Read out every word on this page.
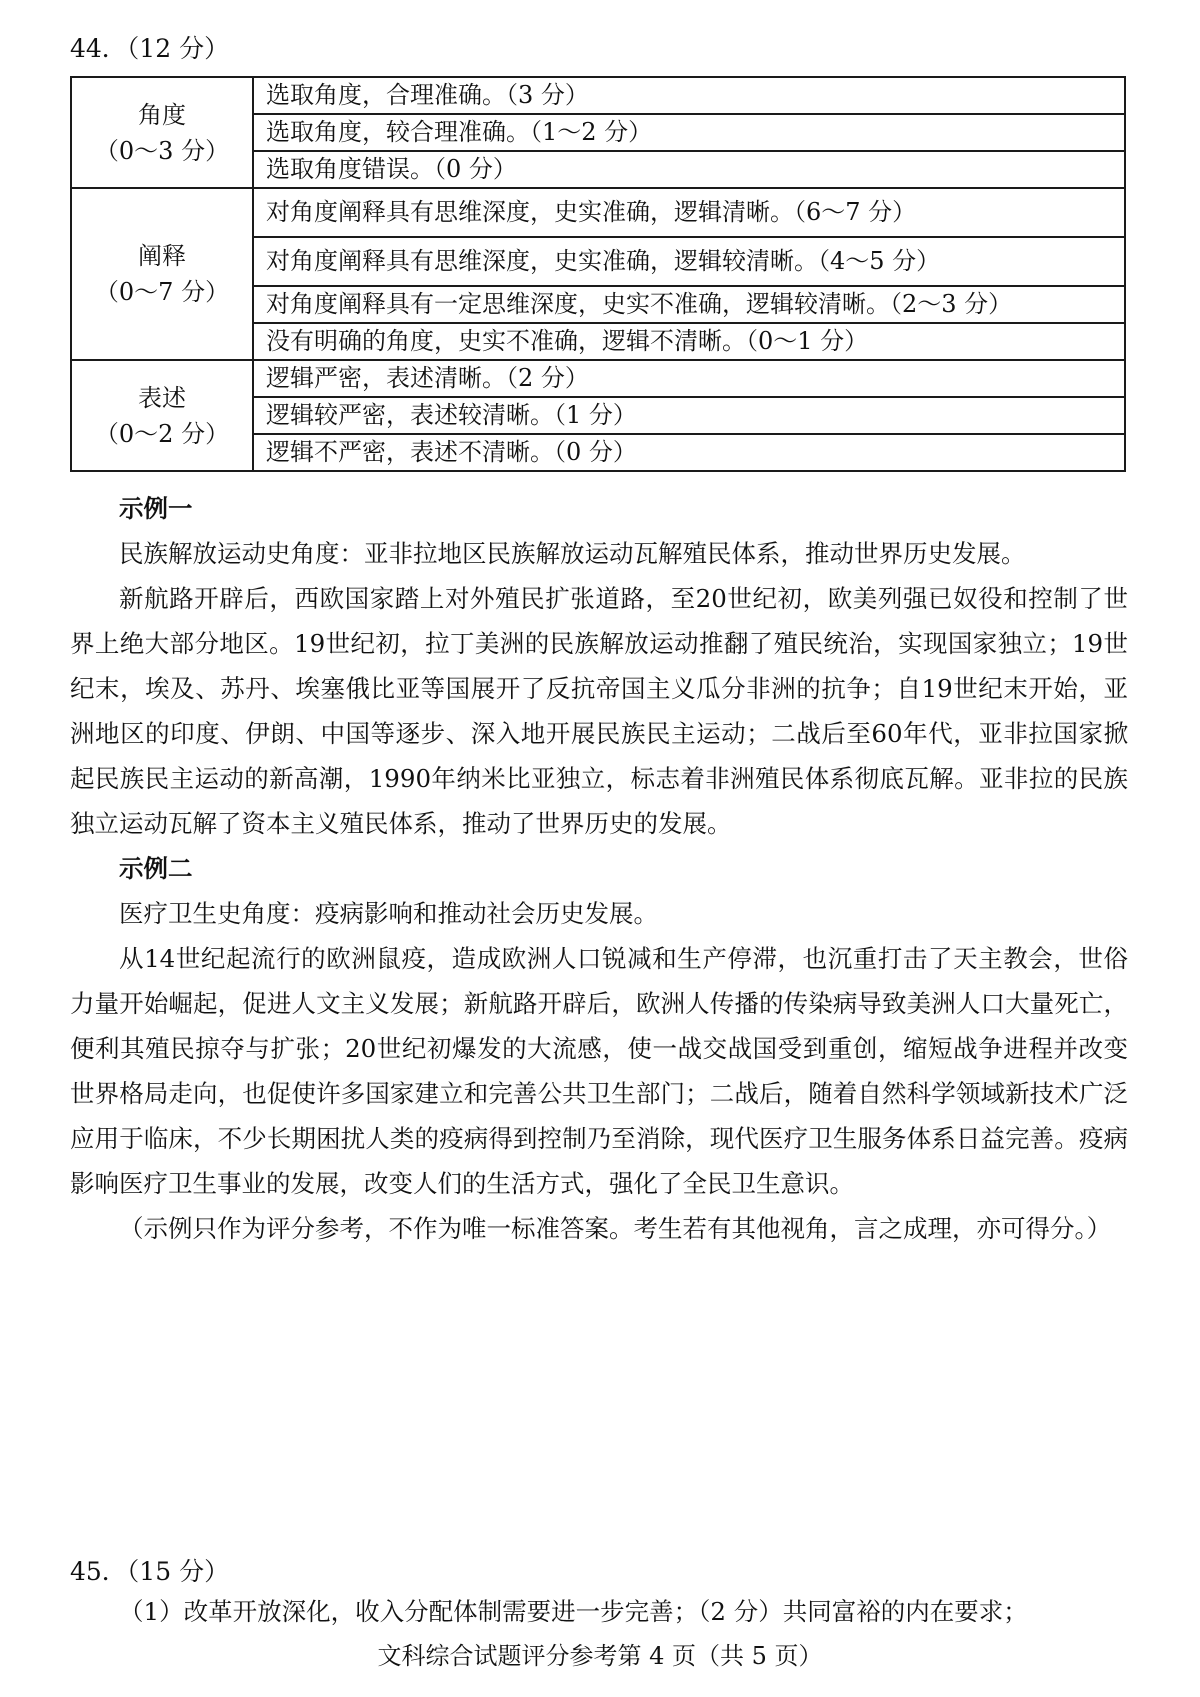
44．（12 分）
角度
（0～3 分）	选取角度，合理准确。（3 分）
	选取角度，较合理准确。（1～2 分）
	选取角度错误。（0 分）

阐释
（0～7 分）	对角度阐释具有思维深度，史实准确，逻辑清晰。（6～7 分）
	对角度阐释具有思维深度，史实准确，逻辑较清晰。（4～5 分）
	对角度阐释具有一定思维深度，史实不准确，逻辑较清晰。（2～3 分）
	没有明确的角度，史实不准确，逻辑不清晰。（0～1 分）

表述
（0～2 分）	逻辑严密，表述清晰。（2 分）
	逻辑较严密，表述较清晰。（1 分）
	逻辑不严密，表述不清晰。（0 分）

示例一

民族解放运动史角度：亚非拉地区民族解放运动瓦解殖民体系，推动世界历史发展。

新航路开辟后，西欧国家踏上对外殖民扩张道路，至20世纪初，欧美列强已奴役和控制了世界上绝大部分地区。19世纪初，拉丁美洲的民族解放运动推翻了殖民统治，实现国家独立；19世纪末，埃及、苏丹、埃塞俄比亚等国展开了反抗帝国主义瓜分非洲的抗争；自19世纪末开始，亚洲地区的印度、伊朗、中国等逐步、深入地开展民族民主运动；二战后至60年代，亚非拉国家掀起民族民主运动的新高潮，1990年纳米比亚独立，标志着非洲殖民体系彻底瓦解。亚非拉的民族独立运动瓦解了资本主义殖民体系，推动了世界历史的发展。

示例二

医疗卫生史角度：疫病影响和推动社会历史发展。

从14世纪起流行的欧洲鼠疫，造成欧洲人口锐减和生产停滞，也沉重打击了天主教会，世俗力量开始崛起，促进人文主义发展；新航路开辟后，欧洲人传播的传染病导致美洲人口大量死亡，便利其殖民掠夺与扩张；20世纪初爆发的大流感，使一战交战国受到重创，缩短战争进程并改变世界格局走向，也促使许多国家建立和完善公共卫生部门；二战后，随着自然科学领域新技术广泛应用于临床，不少长期困扰人类的疫病得到控制乃至消除，现代医疗卫生服务体系日益完善。疫病影响医疗卫生事业的发展，改变人们的生活方式，强化了全民卫生意识。

（示例只作为评分参考，不作为唯一标准答案。考生若有其他视角，言之成理，亦可得分。）

45．（15 分）

（1）改革开放深化，收入分配体制需要进一步完善；（2 分）共同富裕的内在要求；

文科综合试题评分参考第 4 页（共 5 页）
